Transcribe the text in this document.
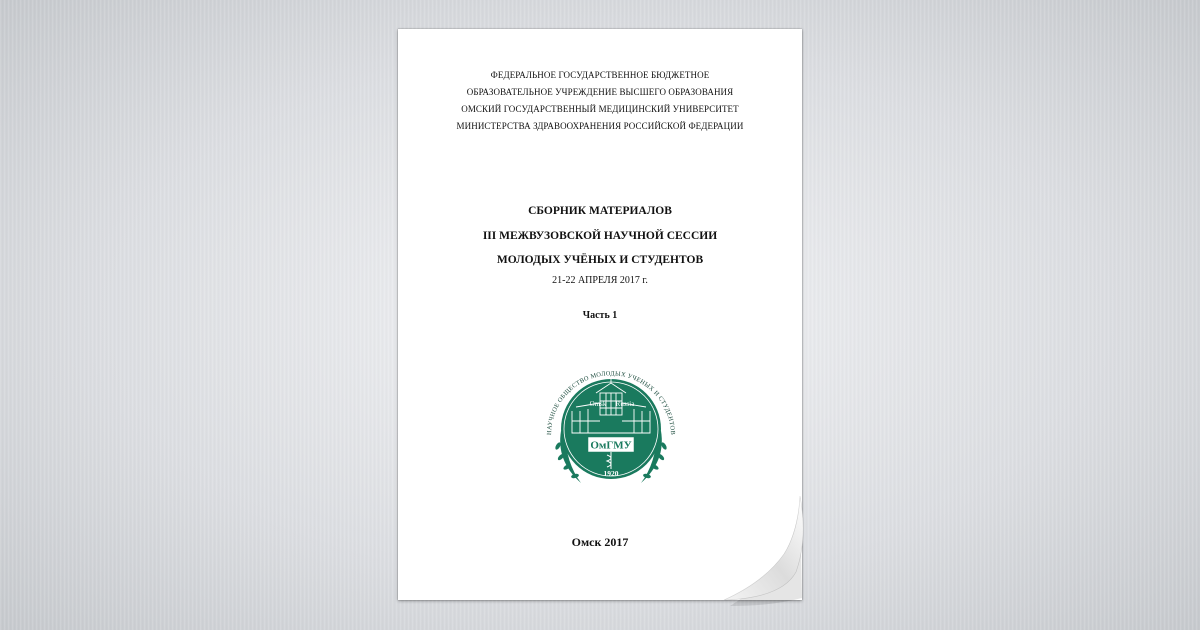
ФЕДЕРАЛЬНОЕ ГОСУДАРСТВЕННОЕ БЮДЖЕТНОЕ
ОБРАЗОВАТЕЛЬНОЕ УЧРЕЖДЕНИЕ ВЫСШЕГО ОБРАЗОВАНИЯ
ОМСКИЙ ГОСУДАРСТВЕННЫЙ МЕДИЦИНСКИЙ УНИВЕРСИТЕТ
МИНИСТЕРСТВА ЗДРАВООХРАНЕНИЯ РОССИЙСКОЙ ФЕДЕРАЦИИ
СБОРНИК МАТЕРИАЛОВ
III МЕЖВУЗОВСКОЙ НАУЧНОЙ СЕССИИ
МОЛОДЫХ УЧЁНЫХ И СТУДЕНТОВ
21-22 АПРЕЛЯ 2017 г.
Часть 1
НАУЧНОЕ ОБЩЕСТВО МОЛОДЫХ УЧЕНЫХ И СТУДЕНТОВ
Omsk Russia
ОмГМУ
1920
Омск 2017
